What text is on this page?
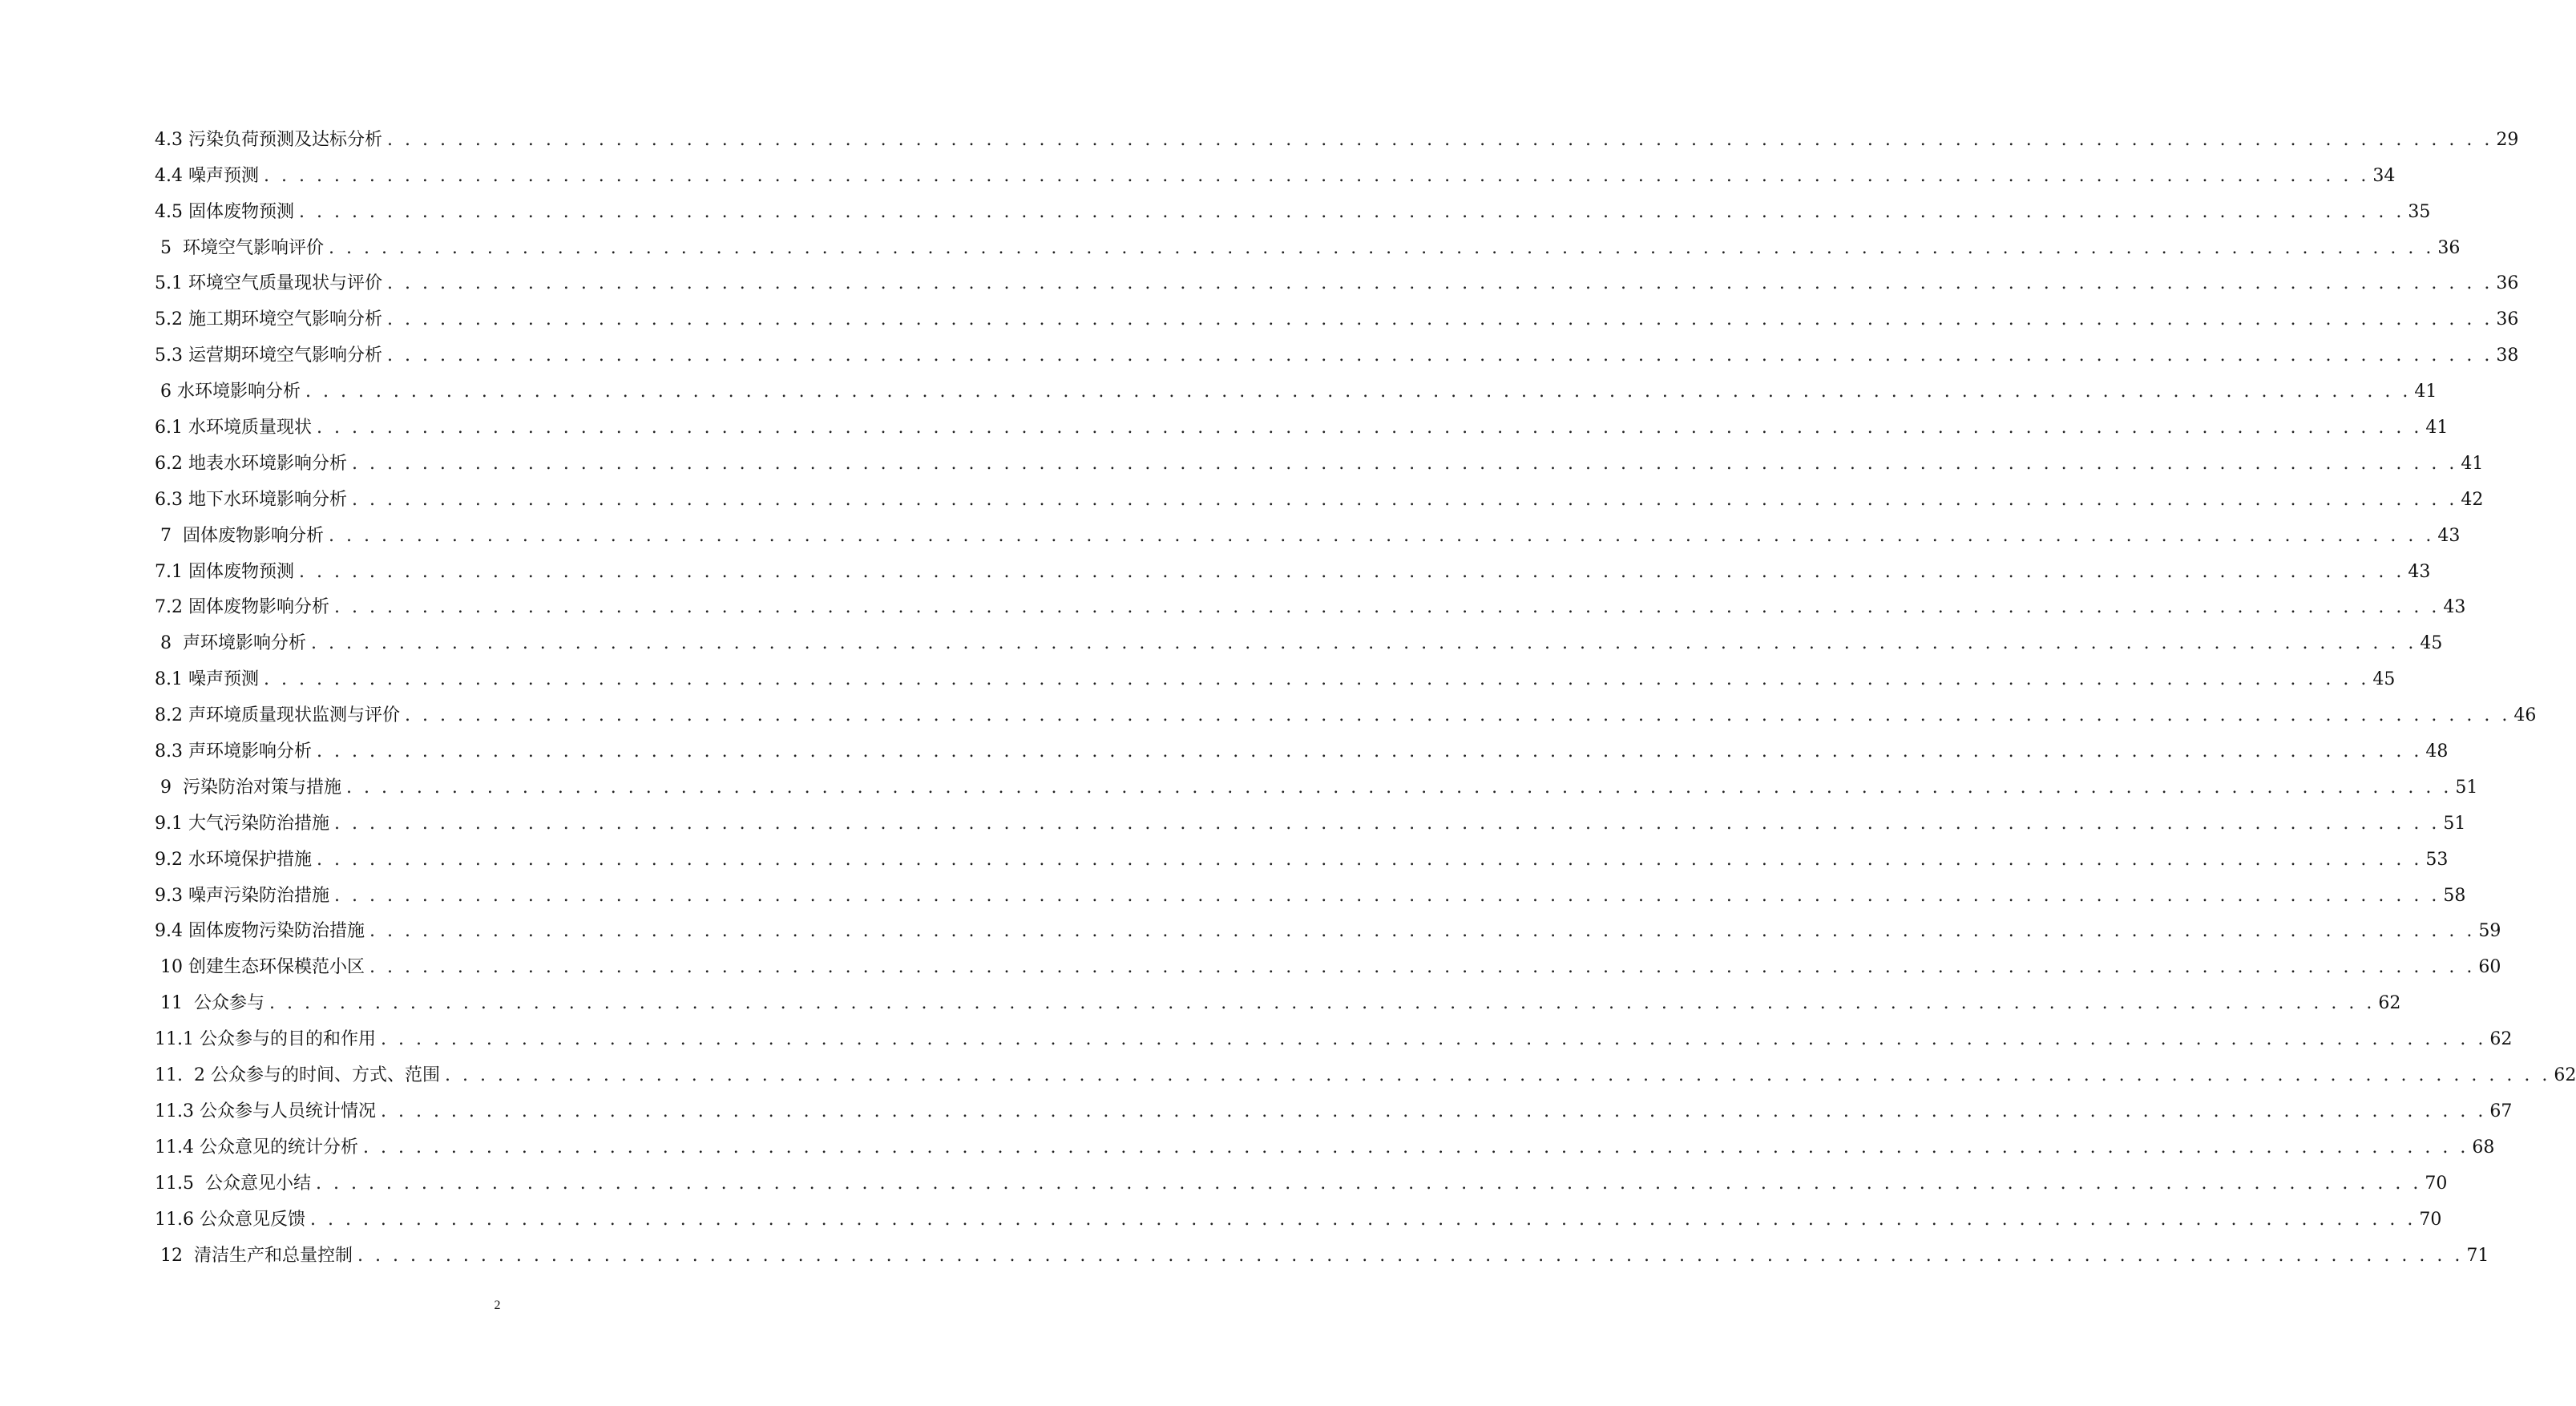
4.3 污染负荷预测及达标分析 . . . . . . . . . . . . . . . . . . . . . . . . . . . . . . . . . . . . . . . . . . . . . . . . . . . . . . . . . . . . . . . . . . . . . . . . . . . . . . . . . . . . . . . . . . . . . . . . . . . . . . . . . . . . . . . . . . . . . . . . 29
4.4 噪声预测 . . . . . . . . . . . . . . . . . . . . . . . . . . . . . . . . . . . . . . . . . . . . . . . . . . . . . . . . . . . . . . . . . . . . . . . . . . . . . . . . . . . . . . . . . . . . . . . . . . . . . . . . . . . . . . . . . . . . . . . . 34
4.5 固体废物预测 . . . . . . . . . . . . . . . . . . . . . . . . . . . . . . . . . . . . . . . . . . . . . . . . . . . . . . . . . . . . . . . . . . . . . . . . . . . . . . . . . . . . . . . . . . . . . . . . . . . . . . . . . . . . . . . . . . . . . . . . 35
5  环境空气影响评价 . . . . . . . . . . . . . . . . . . . . . . . . . . . . . . . . . . . . . . . . . . . . . . . . . . . . . . . . . . . . . . . . . . . . . . . . . . . . . . . . . . . . . . . . . . . . . . . . . . . . . . . . . . . . . . . . . . . . . . . . 36
5.1 环境空气质量现状与评价 . . . . . . . . . . . . . . . . . . . . . . . . . . . . . . . . . . . . . . . . . . . . . . . . . . . . . . . . . . . . . . . . . . . . . . . . . . . . . . . . . . . . . . . . . . . . . . . . . . . . . . . . . . . . . . . . . . . . . . . . 36
5.2 施工期环境空气影响分析 . . . . . . . . . . . . . . . . . . . . . . . . . . . . . . . . . . . . . . . . . . . . . . . . . . . . . . . . . . . . . . . . . . . . . . . . . . . . . . . . . . . . . . . . . . . . . . . . . . . . . . . . . . . . . . . . . . . . . . . . 36
5.3 运营期环境空气影响分析 . . . . . . . . . . . . . . . . . . . . . . . . . . . . . . . . . . . . . . . . . . . . . . . . . . . . . . . . . . . . . . . . . . . . . . . . . . . . . . . . . . . . . . . . . . . . . . . . . . . . . . . . . . . . . . . . . . . . . . . . 38
6 水环境影响分析 . . . . . . . . . . . . . . . . . . . . . . . . . . . . . . . . . . . . . . . . . . . . . . . . . . . . . . . . . . . . . . . . . . . . . . . . . . . . . . . . . . . . . . . . . . . . . . . . . . . . . . . . . . . . . . . . . . . . . . . . 41
6.1 水环境质量现状 . . . . . . . . . . . . . . . . . . . . . . . . . . . . . . . . . . . . . . . . . . . . . . . . . . . . . . . . . . . . . . . . . . . . . . . . . . . . . . . . . . . . . . . . . . . . . . . . . . . . . . . . . . . . . . . . . . . . . . . . 41
6.2 地表水环境影响分析 . . . . . . . . . . . . . . . . . . . . . . . . . . . . . . . . . . . . . . . . . . . . . . . . . . . . . . . . . . . . . . . . . . . . . . . . . . . . . . . . . . . . . . . . . . . . . . . . . . . . . . . . . . . . . . . . . . . . . . . . 41
6.3 地下水环境影响分析 . . . . . . . . . . . . . . . . . . . . . . . . . . . . . . . . . . . . . . . . . . . . . . . . . . . . . . . . . . . . . . . . . . . . . . . . . . . . . . . . . . . . . . . . . . . . . . . . . . . . . . . . . . . . . . . . . . . . . . . . 42
7  固体废物影响分析 . . . . . . . . . . . . . . . . . . . . . . . . . . . . . . . . . . . . . . . . . . . . . . . . . . . . . . . . . . . . . . . . . . . . . . . . . . . . . . . . . . . . . . . . . . . . . . . . . . . . . . . . . . . . . . . . . . . . . . . . 43
7.1 固体废物预测 . . . . . . . . . . . . . . . . . . . . . . . . . . . . . . . . . . . . . . . . . . . . . . . . . . . . . . . . . . . . . . . . . . . . . . . . . . . . . . . . . . . . . . . . . . . . . . . . . . . . . . . . . . . . . . . . . . . . . . . . 43
7.2 固体废物影响分析 . . . . . . . . . . . . . . . . . . . . . . . . . . . . . . . . . . . . . . . . . . . . . . . . . . . . . . . . . . . . . . . . . . . . . . . . . . . . . . . . . . . . . . . . . . . . . . . . . . . . . . . . . . . . . . . . . . . . . . . . 43
8  声环境影响分析 . . . . . . . . . . . . . . . . . . . . . . . . . . . . . . . . . . . . . . . . . . . . . . . . . . . . . . . . . . . . . . . . . . . . . . . . . . . . . . . . . . . . . . . . . . . . . . . . . . . . . . . . . . . . . . . . . . . . . . . . 45
8.1 噪声预测 . . . . . . . . . . . . . . . . . . . . . . . . . . . . . . . . . . . . . . . . . . . . . . . . . . . . . . . . . . . . . . . . . . . . . . . . . . . . . . . . . . . . . . . . . . . . . . . . . . . . . . . . . . . . . . . . . . . . . . . . 45
8.2 声环境质量现状监测与评价 . . . . . . . . . . . . . . . . . . . . . . . . . . . . . . . . . . . . . . . . . . . . . . . . . . . . . . . . . . . . . . . . . . . . . . . . . . . . . . . . . . . . . . . . . . . . . . . . . . . . . . . . . . . . . . . . . . . . . . . . 46
8.3 声环境影响分析 . . . . . . . . . . . . . . . . . . . . . . . . . . . . . . . . . . . . . . . . . . . . . . . . . . . . . . . . . . . . . . . . . . . . . . . . . . . . . . . . . . . . . . . . . . . . . . . . . . . . . . . . . . . . . . . . . . . . . . . . 48
9  污染防治对策与措施 . . . . . . . . . . . . . . . . . . . . . . . . . . . . . . . . . . . . . . . . . . . . . . . . . . . . . . . . . . . . . . . . . . . . . . . . . . . . . . . . . . . . . . . . . . . . . . . . . . . . . . . . . . . . . . . . . . . . . . . . 51
9.1 大气污染防治措施 . . . . . . . . . . . . . . . . . . . . . . . . . . . . . . . . . . . . . . . . . . . . . . . . . . . . . . . . . . . . . . . . . . . . . . . . . . . . . . . . . . . . . . . . . . . . . . . . . . . . . . . . . . . . . . . . . . . . . . . . 51
9.2 水环境保护措施 . . . . . . . . . . . . . . . . . . . . . . . . . . . . . . . . . . . . . . . . . . . . . . . . . . . . . . . . . . . . . . . . . . . . . . . . . . . . . . . . . . . . . . . . . . . . . . . . . . . . . . . . . . . . . . . . . . . . . . . . 53
9.3 噪声污染防治措施 . . . . . . . . . . . . . . . . . . . . . . . . . . . . . . . . . . . . . . . . . . . . . . . . . . . . . . . . . . . . . . . . . . . . . . . . . . . . . . . . . . . . . . . . . . . . . . . . . . . . . . . . . . . . . . . . . . . . . . . . 58
9.4 固体废物污染防治措施 . . . . . . . . . . . . . . . . . . . . . . . . . . . . . . . . . . . . . . . . . . . . . . . . . . . . . . . . . . . . . . . . . . . . . . . . . . . . . . . . . . . . . . . . . . . . . . . . . . . . . . . . . . . . . . . . . . . . . . . . 59
10 创建生态环保模范小区 . . . . . . . . . . . . . . . . . . . . . . . . . . . . . . . . . . . . . . . . . . . . . . . . . . . . . . . . . . . . . . . . . . . . . . . . . . . . . . . . . . . . . . . . . . . . . . . . . . . . . . . . . . . . . . . . . . . . . . . . 60
11  公众参与 . . . . . . . . . . . . . . . . . . . . . . . . . . . . . . . . . . . . . . . . . . . . . . . . . . . . . . . . . . . . . . . . . . . . . . . . . . . . . . . . . . . . . . . . . . . . . . . . . . . . . . . . . . . . . . . . . . . . . . . . 62
11.1 公众参与的目的和作用 . . . . . . . . . . . . . . . . . . . . . . . . . . . . . . . . . . . . . . . . . . . . . . . . . . . . . . . . . . . . . . . . . . . . . . . . . . . . . . . . . . . . . . . . . . . . . . . . . . . . . . . . . . . . . . . . . . . . . . . . 62
11.  2 公众参与的时间、方式、范围 . . . . . . . . . . . . . . . . . . . . . . . . . . . . . . . . . . . . . . . . . . . . . . . . . . . . . . . . . . . . . . . . . . . . . . . . . . . . . . . . . . . . . . . . . . . . . . . . . . . . . . . . . . . . . . . . . . . . . . . . 62
11.3 公众参与人员统计情况 . . . . . . . . . . . . . . . . . . . . . . . . . . . . . . . . . . . . . . . . . . . . . . . . . . . . . . . . . . . . . . . . . . . . . . . . . . . . . . . . . . . . . . . . . . . . . . . . . . . . . . . . . . . . . . . . . . . . . . . . 67
11.4 公众意见的统计分析 . . . . . . . . . . . . . . . . . . . . . . . . . . . . . . . . . . . . . . . . . . . . . . . . . . . . . . . . . . . . . . . . . . . . . . . . . . . . . . . . . . . . . . . . . . . . . . . . . . . . . . . . . . . . . . . . . . . . . . . . 68
11.5  公众意见小结 . . . . . . . . . . . . . . . . . . . . . . . . . . . . . . . . . . . . . . . . . . . . . . . . . . . . . . . . . . . . . . . . . . . . . . . . . . . . . . . . . . . . . . . . . . . . . . . . . . . . . . . . . . . . . . . . . . . . . . . . 70
11.6 公众意见反馈 . . . . . . . . . . . . . . . . . . . . . . . . . . . . . . . . . . . . . . . . . . . . . . . . . . . . . . . . . . . . . . . . . . . . . . . . . . . . . . . . . . . . . . . . . . . . . . . . . . . . . . . . . . . . . . . . . . . . . . . . 70
12  清洁生产和总量控制 . . . . . . . . . . . . . . . . . . . . . . . . . . . . . . . . . . . . . . . . . . . . . . . . . . . . . . . . . . . . . . . . . . . . . . . . . . . . . . . . . . . . . . . . . . . . . . . . . . . . . . . . . . . . . . . . . . . . . . . . 71
2
